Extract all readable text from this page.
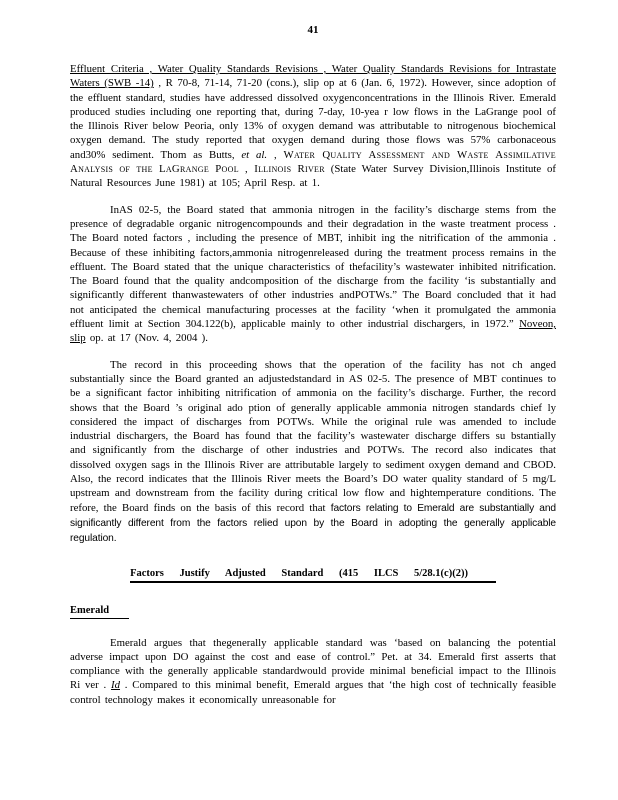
41

Effluent Criteria , Water Quality Standards Revisions , Water Quality Standards Revisions for Intrastate Waters (SWB -14) , R 70-8, 71-14, 71-20 (cons.), slip op at 6 (Jan. 6, 1972). However, since adoption of the effluent standard, studies have addressed dissolved oxygenconcentrations in the Illinois River. Emerald produced studies including one reporting that, during 7-day, 10-yea r low flows in the LaGrange pool of the Illinois River below Peoria, only 13% of oxygen demand was attributable to nitrogenous biochemical oxygen demand. The study reported that oxygen demand during those flows was 57% carbonaceous and30% sediment. Thom as Butts, et al. , Water Quality Assessment and Waste Assimilative Analysis of the LaGrange Pool , Illinois River (State Water Survey Division,Illinois Institute of Natural Resources June 1981) at 105; April Resp. at 1.

InAS 02-5, the Board stated that ammonia nitrogen in the facility’s discharge stems from the presence of degradable organic nitrogencompounds and their degradation in the waste treatment process . The Board noted factors , including the presence of MBT, inhibit ing the nitrification of the ammonia . Because of these inhibiting factors,ammonia nitrogenreleased during the treatment process remains in the effluent. The Board stated that the unique characteristics of thefacility’s wastewater inhibited nitrification. The Board found that the quality andcomposition of the discharge from the facility ‘is substantially and significantly different thanwastewaters of other industries andPOTWs.” The Board concluded that it had not anticipated the chemical manufacturing processes at the facility ‘when it promulgated the ammonia effluent limit at Section 304.122(b), applicable mainly to other industrial dischargers, in 1972.” Noveon, slip op. at 17 (Nov. 4, 2004 ).

The record in this proceeding shows that the operation of the facility has not ch anged substantially since the Board granted an adjustedstandard in AS 02-5. The presence of MBT continues to be a significant factor inhibiting nitrification of ammonia on the facility’s discharge. Further, the record shows that the Board ’s original ado ption of generally applicable ammonia nitrogen standards chief ly considered the impact of discharges from POTWs. While the original rule was amended to include industrial dischargers, the Board has found that the facility’s wastewater discharge differs su bstantially and significantly from the discharge of other industries and POTWs. The record also indicates that dissolved oxygen sags in the Illinois River are attributable largely to sediment oxygen demand and CBOD. Also, the record indicates that the Illinois River meets the Board’s DO water quality standard of 5 mg/L upstream and downstream from the facility during critical low flow and hightemperature conditions. The refore, the Board finds on the basis of this record that factors relating to Emerald are substantially and significantly different from the factors relied upon by the Board in adopting the generally applicable regulation.

Factors Justify Adjusted Standard (415 ILCS 5/28.1(c)(2))
Emerald

Emerald argues that thegenerally applicable standard was ‘based on balancing the potential adverse impact upon DO against the cost and ease of control.” Pet. at 34. Emerald first asserts that compliance with the generally applicable standardwould provide minimal beneficial impact to the Illinois Ri ver . Id . Compared to this minimal benefit, Emerald argues that ‘the high cost of technically feasible control technology makes it economically unreasonable for
